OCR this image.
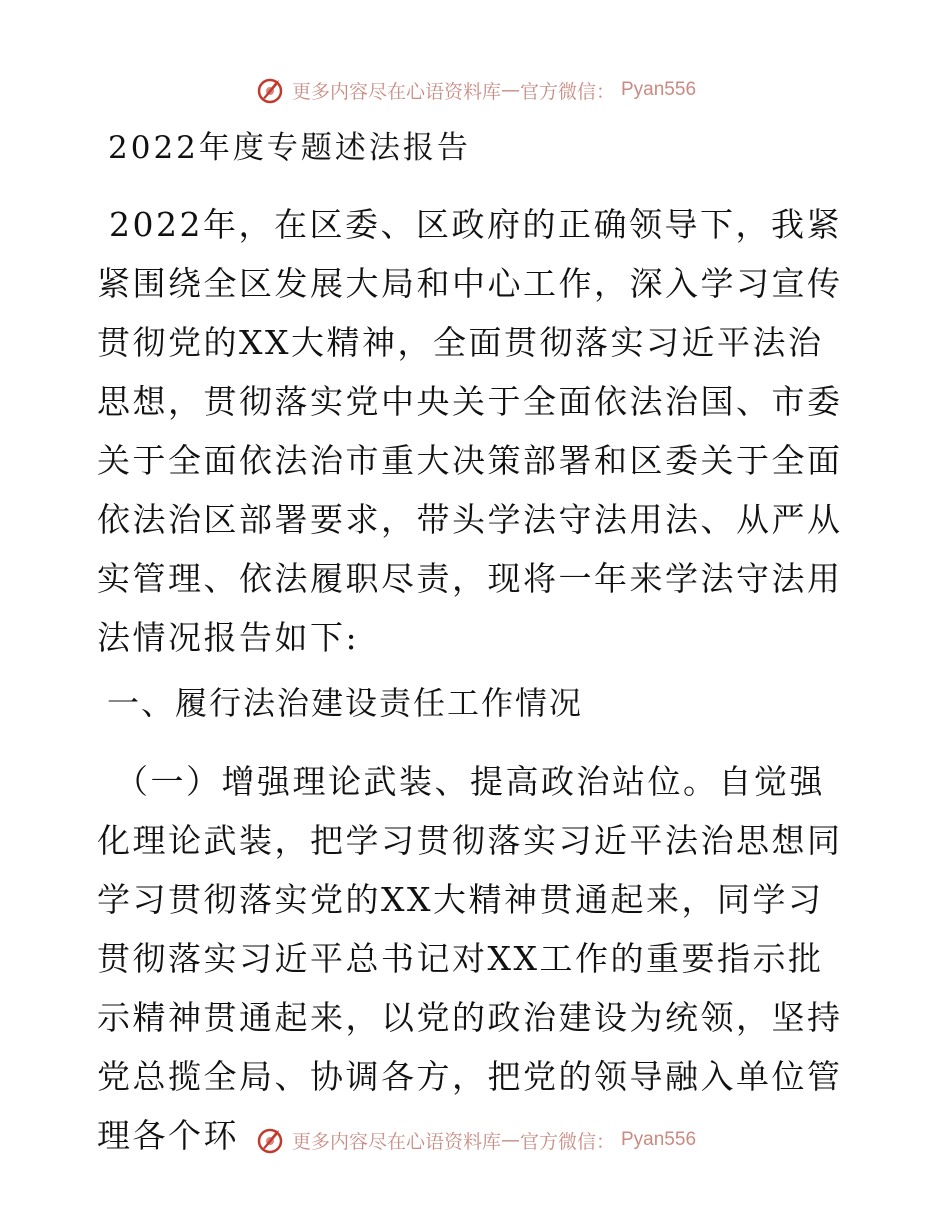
更多内容尽在心语资料库 — 官方微信： Pyan556
2022年度专题述法报告

2022年，在区委、区政府的正确领导下，我紧紧围绕全区发展大局和中心工作，深入学习宣传贯彻党的XX大精神，全面贯彻落实习近平法治思想，贯彻落实党中央关于全面依法治国、市委关于全面依法治市重大决策部署和区委关于全面依法治区部署要求，带头学法守法用法、从严从实管理、依法履职尽责，现将一年来学法守法用法情况报告如下:

一、履行法治建设责任工作情况

（一）增强理论武装、提高政治站位。自觉强化理论武装，把学习贯彻落实习近平法治思想同学习贯彻落实党的XX大精神贯通起来，同学习贯彻落实习近平总书记对XX工作的重要指示批示精神贯通起来，以党的政治建设为统领，坚持党总揽全局、协调各方，把党的领导融入单位管理各个环	更多内容尽在心语资料库 — 官方微信： Pyan556
